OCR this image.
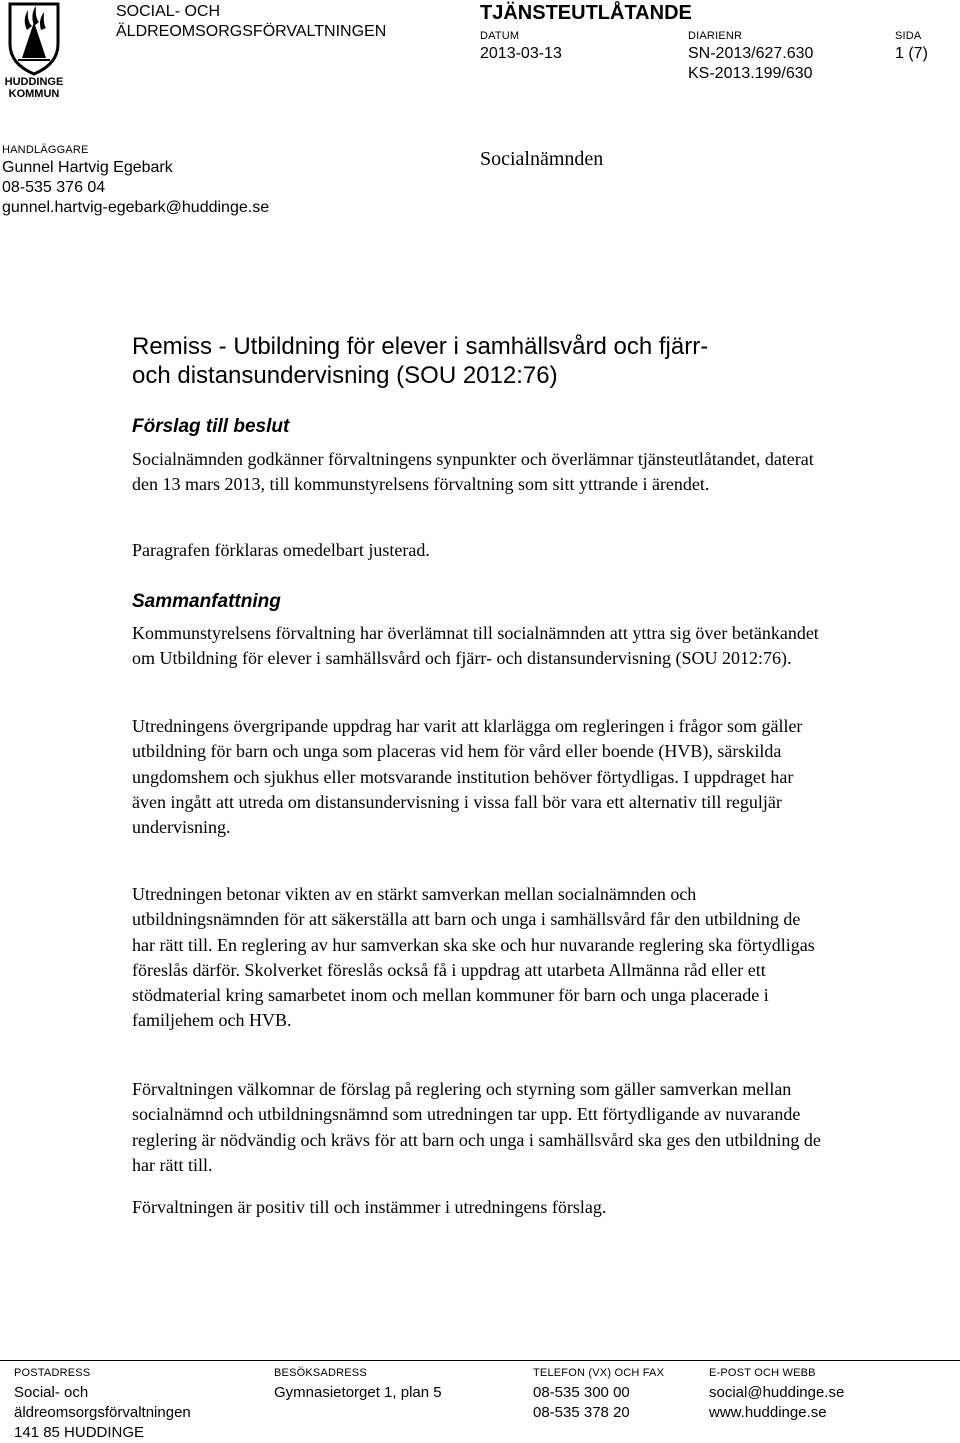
HUDDINGE
KOMMUN
SOCIAL- OCH
ÄLDREOMSORGSFÖRVALTNINGEN
TJÄNSTEUTLÅTANDE
DATUM
2013-03-13
DIARIENR
SN-2013/627.630
KS-2013.199/630
SIDA
1 (7)
HANDLÄGGARE
Gunnel Hartvig Egebark
08-535 376 04
gunnel.hartvig-egebark@huddinge.se
Socialnämnden
Remiss - Utbildning för elever i samhällsvård och fjärr-
och distansundervisning (SOU 2012:76)
Förslag till beslut

Socialnämnden godkänner förvaltningens synpunkter och överlämnar tjänsteutlåtandet, daterat den 13 mars 2013, till kommunstyrelsens förvaltning som sitt yttrande i ärendet.

Paragrafen förklaras omedelbart justerad.

Sammanfattning

Kommunstyrelsens förvaltning har överlämnat till socialnämnden att yttra sig över betänkandet om Utbildning för elever i samhällsvård och fjärr- och distansundervisning (SOU 2012:76).

Utredningens övergripande uppdrag har varit att klarlägga om regleringen i frågor som gäller utbildning för barn och unga som placeras vid hem för vård eller boende (HVB), särskilda ungdomshem och sjukhus eller motsvarande institution behöver förtydligas. I uppdraget har även ingått att utreda om distansundervisning i vissa fall bör vara ett alternativ till reguljär undervisning.

Utredningen betonar vikten av en stärkt samverkan mellan socialnämnden och utbildningsnämnden för att säkerställa att barn och unga i samhällsvård får den utbildning de har rätt till. En reglering av hur samverkan ska ske och hur nuvarande reglering ska förtydligas föreslås därför. Skolverket föreslås också få i uppdrag att utarbeta Allmänna råd eller ett stödmaterial kring samarbetet inom och mellan kommuner för barn och unga placerade i familjehem och HVB.

Förvaltningen välkomnar de förslag på reglering och styrning som gäller samverkan mellan socialnämnd och utbildningsnämnd som utredningen tar upp. Ett förtydligande av nuvarande reglering är nödvändig och krävs för att barn och unga i samhällsvård ska ges den utbildning de har rätt till.

Förvaltningen är positiv till och instämmer i utredningens förslag.

POSTADRESS
Social- och
äldreomsorgsförvaltningen
141 85 HUDDINGE
BESÖKSADRESS
Gymnasietorget 1, plan 5
TELEFON (VX) OCH FAX
08-535 300 00
08-535 378 20
E-POST OCH WEBB
social@huddinge.se
www.huddinge.se
